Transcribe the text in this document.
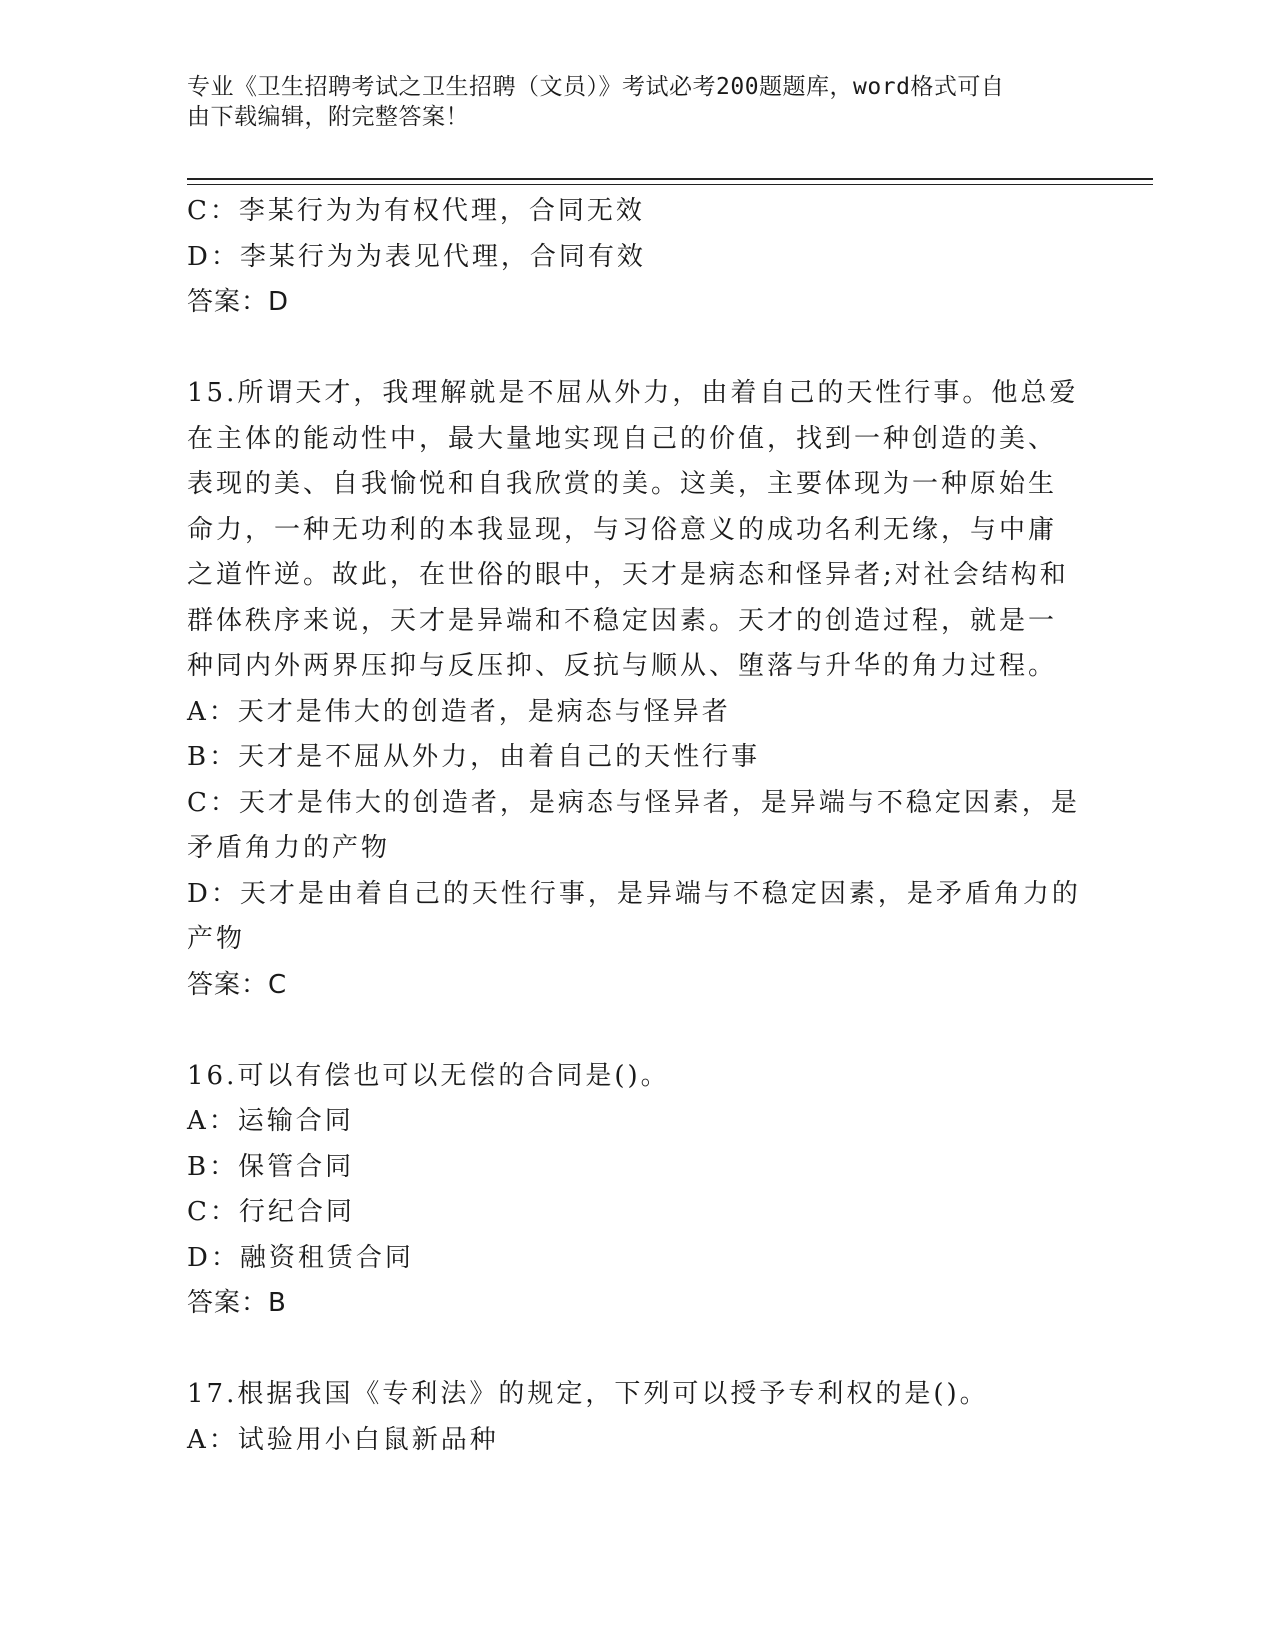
专业《卫生招聘考试之卫生招聘（文员）》考试必考200题题库，word格式可自
由下载编辑，附完整答案！
C：李某行为为有权代理，合同无效
D：李某行为为表见代理，合同有效
答案：D
15.所谓天才，我理解就是不屈从外力，由着自己的天性行事。他总爱
在主体的能动性中，最大量地实现自己的价值，找到一种创造的美、
表现的美、自我愉悦和自我欣赏的美。这美，主要体现为一种原始生
命力，一种无功利的本我显现，与习俗意义的成功名利无缘，与中庸
之道忤逆。故此，在世俗的眼中，天才是病态和怪异者;对社会结构和
群体秩序来说，天才是异端和不稳定因素。天才的创造过程，就是一
种同内外两界压抑与反压抑、反抗与顺从、堕落与升华的角力过程。
A：天才是伟大的创造者，是病态与怪异者
B：天才是不屈从外力，由着自己的天性行事
C：天才是伟大的创造者，是病态与怪异者，是异端与不稳定因素，是
矛盾角力的产物
D：天才是由着自己的天性行事，是异端与不稳定因素，是矛盾角力的
产物
答案：C
16.可以有偿也可以无偿的合同是()。
A：运输合同
B：保管合同
C：行纪合同
D：融资租赁合同
答案：B
17.根据我国《专利法》的规定，下列可以授予专利权的是()。
A：试验用小白鼠新品种
